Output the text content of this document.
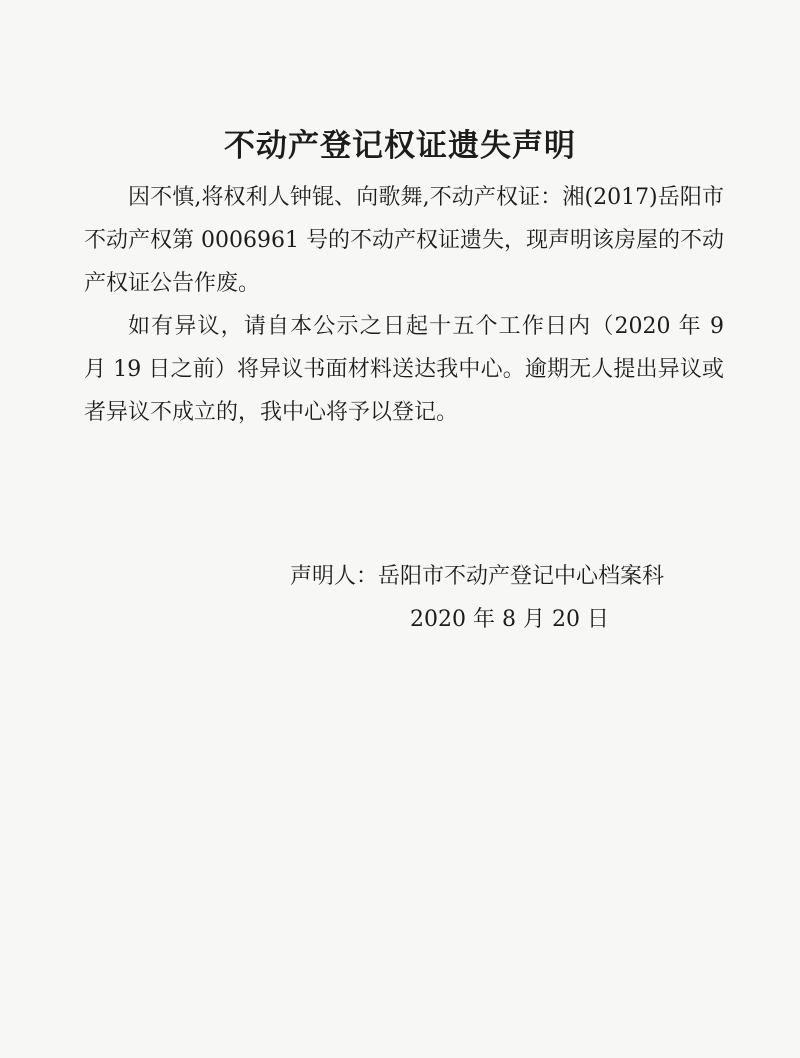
不动产登记权证遗失声明

因不慎,将权利人钟锟、向歌舞,不动产权证：湘(2017)岳阳市不动产权第 0006961 号的不动产权证遗失，现声明该房屋的不动产权证公告作废。

如有异议，请自本公示之日起十五个工作日内（2020 年 9 月 19 日之前）将异议书面材料送达我中心。逾期无人提出异议或者异议不成立的，我中心将予以登记。

声明人：岳阳市不动产登记中心档案科
2020 年 8 月 20 日
